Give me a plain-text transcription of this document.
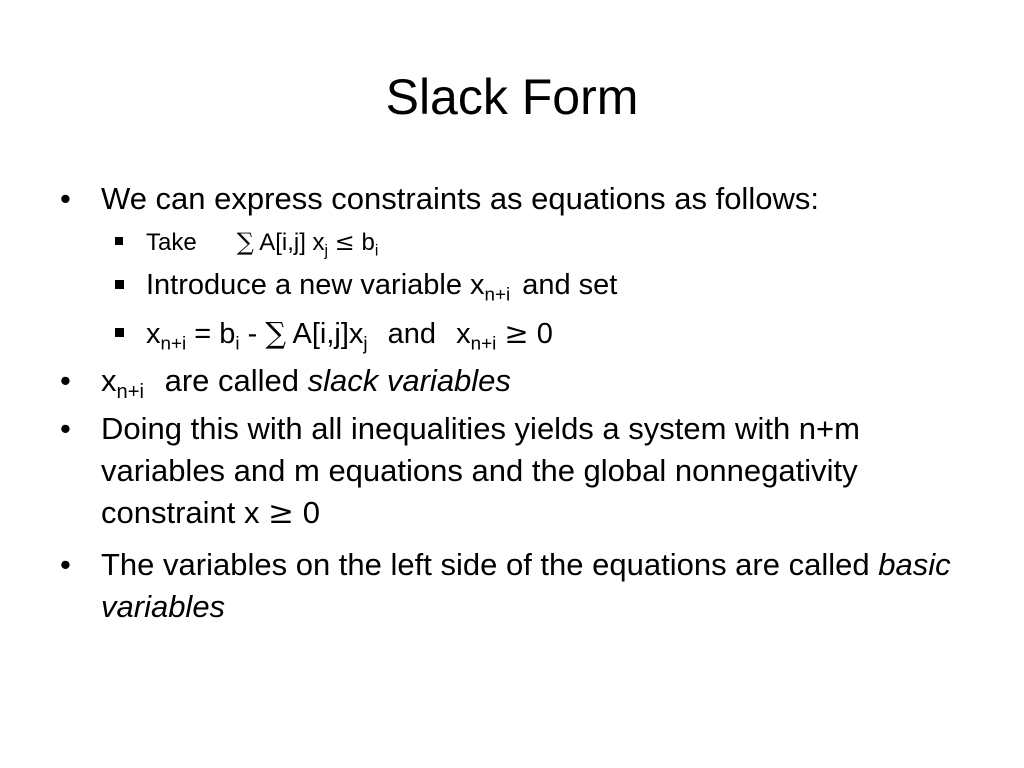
Slack Form
• We can express constraints as equations as follows:
Take ∑ A[i,j] $x_j \le b_i$
Introduce a new variable $x_{n+i}$ and set
$x_{n+i} = b_i$ - ∑ $A[i,j]x_j$ and $x_{n+i} \ge 0$
• $x_{n+i}$ are called slack variables
• Doing this with all inequalities yields a system with n+m variables and m equations and the global nonnegativity constraint x ≥ 0
• The variables on the left side of the equations are called basic variables
